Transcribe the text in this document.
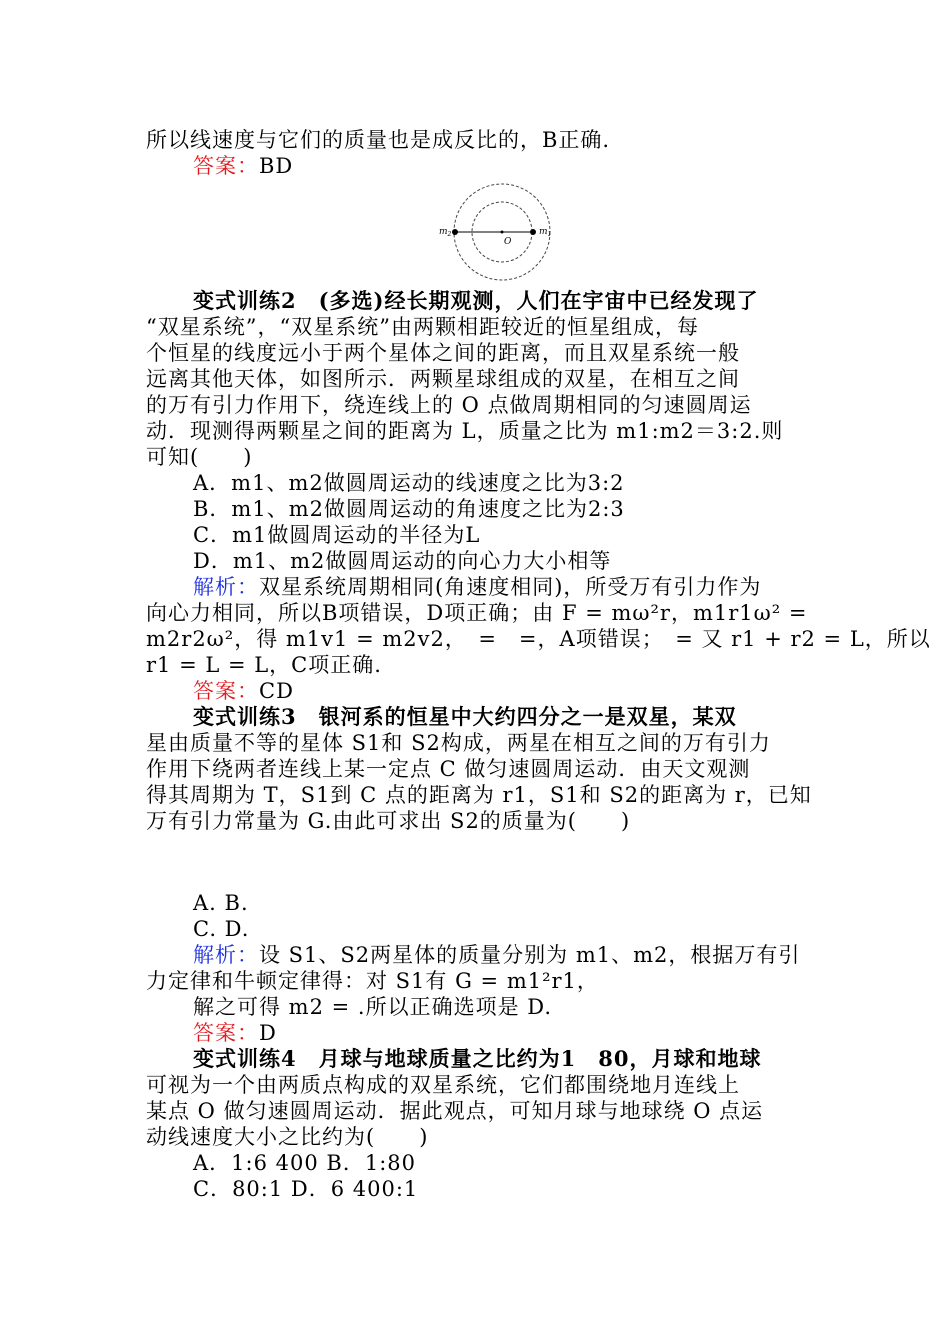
所以线速度与它们的质量也是成反比的，B正确.
答案：BD
$m_2$
O
$m_1$
变式训练2　(多选)经长期观测，人们在宇宙中已经发现了
“双星系统”，“双星系统”由两颗相距较近的恒星组成，每
个恒星的线度远小于两个星体之间的距离，而且双星系统一般
远离其他天体，如图所示．两颗星球组成的双星，在相互之间
的万有引力作用下，绕连线上的 O 点做周期相同的匀速圆周运
动．现测得两颗星之间的距离为 L，质量之比为 m1:m2＝3:2.则
可知(　　)
A．m1、m2做圆周运动的线速度之比为3:2
B．m1、m2做圆周运动的角速度之比为2:3
C．m1做圆周运动的半径为L
D．m1、m2做圆周运动的向心力大小相等
解析：双星系统周期相同(角速度相同)，所受万有引力作为
向心力相同，所以B项错误，D项正确；由 F = mω²r，m1r1ω² =
m2r2ω²，得 m1v1 = m2v2，　=　=，A项错误；　= 又 r1 + r2 = L，所以
r1 = L = L，C项正确.
答案：CD
变式训练3　银河系的恒星中大约四分之一是双星，某双
星由质量不等的星体 S1和 S2构成，两星在相互之间的万有引力
作用下绕两者连线上某一定点 C 做匀速圆周运动．由天文观测
得其周期为 T，S1到 C 点的距离为 r1，S1和 S2的距离为 r，已知
万有引力常量为 G.由此可求出 S2的质量为(　　)
A. B.
C. D.
解析：设 S1、S2两星体的质量分别为 m1、m2，根据万有引
力定律和牛顿定律得：对 S1有 G = m1²r1，
解之可得 m2 = .所以正确选项是 D.
答案：D
变式训练4　月球与地球质量之比约为1　80，月球和地球
可视为一个由两质点构成的双星系统，它们都围绕地月连线上
某点 O 做匀速圆周运动．据此观点，可知月球与地球绕 O 点运
动线速度大小之比约为(　　)
A．1:6 400 B．1:80
C．80:1 D．6 400:1
